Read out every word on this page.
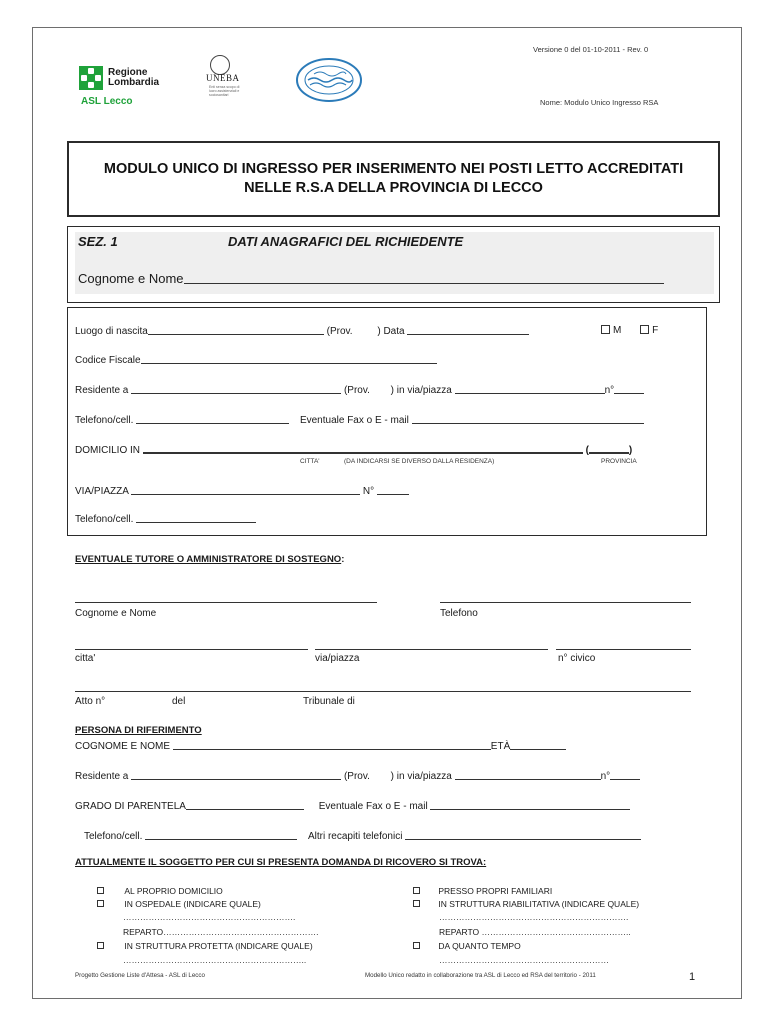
Regione Lombardia
ASL Lecco
UNEBA
Enti senza scopo di lucro assistenziali e sociosanitari
Versione 0 del 01-10-2011 - Rev. 0
Nome: Modulo Unico Ingresso RSA
MODULO UNICO DI INGRESSO PER INSERIMENTO NEI POSTI LETTO ACCREDITATI
NELLE R.S.A DELLA PROVINCIA DI LECCO
SEZ. 1	DATI ANAGRAFICI DEL RICHIEDENTE
Cognome e Nome
Luogo di nascita	(Prov. ) Data	M	F
Codice Fiscale
Residente a	(Prov. ) in via/piazza	n°
Telefono/cell.	Eventuale Fax o E - mail
DOMICILIO IN	(	)
CITTA'	(DA INDICARSI SE DIVERSO DALLA RESIDENZA)	PROVINCIA
VIA/PIAZZA	N°
Telefono/cell.
EVENTUALE TUTORE O AMMINISTRATORE DI SOSTEGNO:
Cognome e Nome	Telefono
citta'	via/piazza	n° civico
Atto n°	del	Tribunale di
PERSONA DI RIFERIMENTO
COGNOME E NOME	ETÀ
Residente a	(Prov. ) in via/piazza	n°
GRADO DI PARENTELA	Eventuale Fax o E - mail
Telefono/cell.	Altri recapiti telefonici
ATTUALMENTE IL SOGGETTO PER CUI SI PRESENTA DOMANDA DI RICOVERO SI TROVA:
AL PROPRIO DOMICILIO
IN OSPEDALE (INDICARE QUALE)
…………………………………………………….
REPARTO……………………………………………….
IN STRUTTURA PROTETTA (INDICARE QUALE)
………………………………………………………..
PRESSO PROPRI FAMILIARI
IN STRUTTURA RIABILITATIVA (INDICARE QUALE)
………………………………………………………….
REPARTO ……………………………………………..
DA QUANTO TEMPO
……………………………………………………
Progetto Gestione Liste d'Attesa - ASL di Lecco	Modello Unico redatto in collaborazione tra ASL di Lecco ed RSA del territorio - 2011	1
